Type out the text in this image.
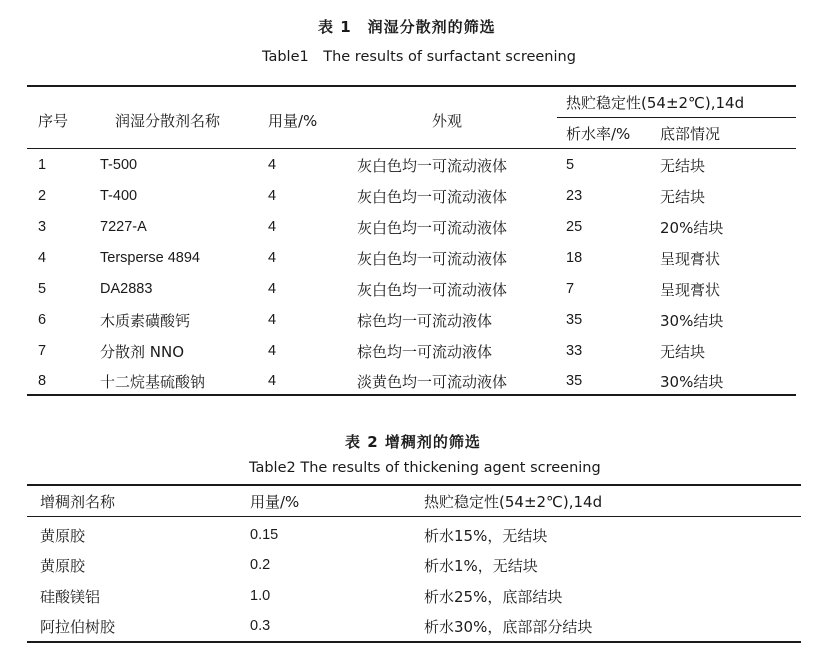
表 1　润湿分散剂的筛选
Table1　The results of surfactant screening
序号	润湿分散剂名称	用量/%	外观
热贮稳定性(54±2℃),14d
析水率/% 底部情况
1	T-500	4	灰白色均一可流动液体	5	无结块
2	T-400	4	灰白色均一可流动液体	23	无结块
3	7227-A	4	灰白色均一可流动液体	25	20%结块
4	Tersperse 4894	4	灰白色均一可流动液体	18	呈现膏状
5	DA2883	4	灰白色均一可流动液体	7	呈现膏状
6	木质素磺酸钙	4	棕色均一可流动液体	35	30%结块
7	分散剂 NNO	4	棕色均一可流动液体	33	无结块
8	十二烷基硫酸钠	4	淡黄色均一可流动液体	35	30%结块
表 2 增稠剂的筛选
Table2 The results of thickening agent screening
增稠剂名称	用量/%	热贮稳定性(54±2℃),14d
黄原胶	0.15	析水15%，无结块
黄原胶	0.2	析水1%，无结块
硅酸镁铝	1.0	析水25%，底部结块
阿拉伯树胶	0.3	析水30%，底部部分结块
